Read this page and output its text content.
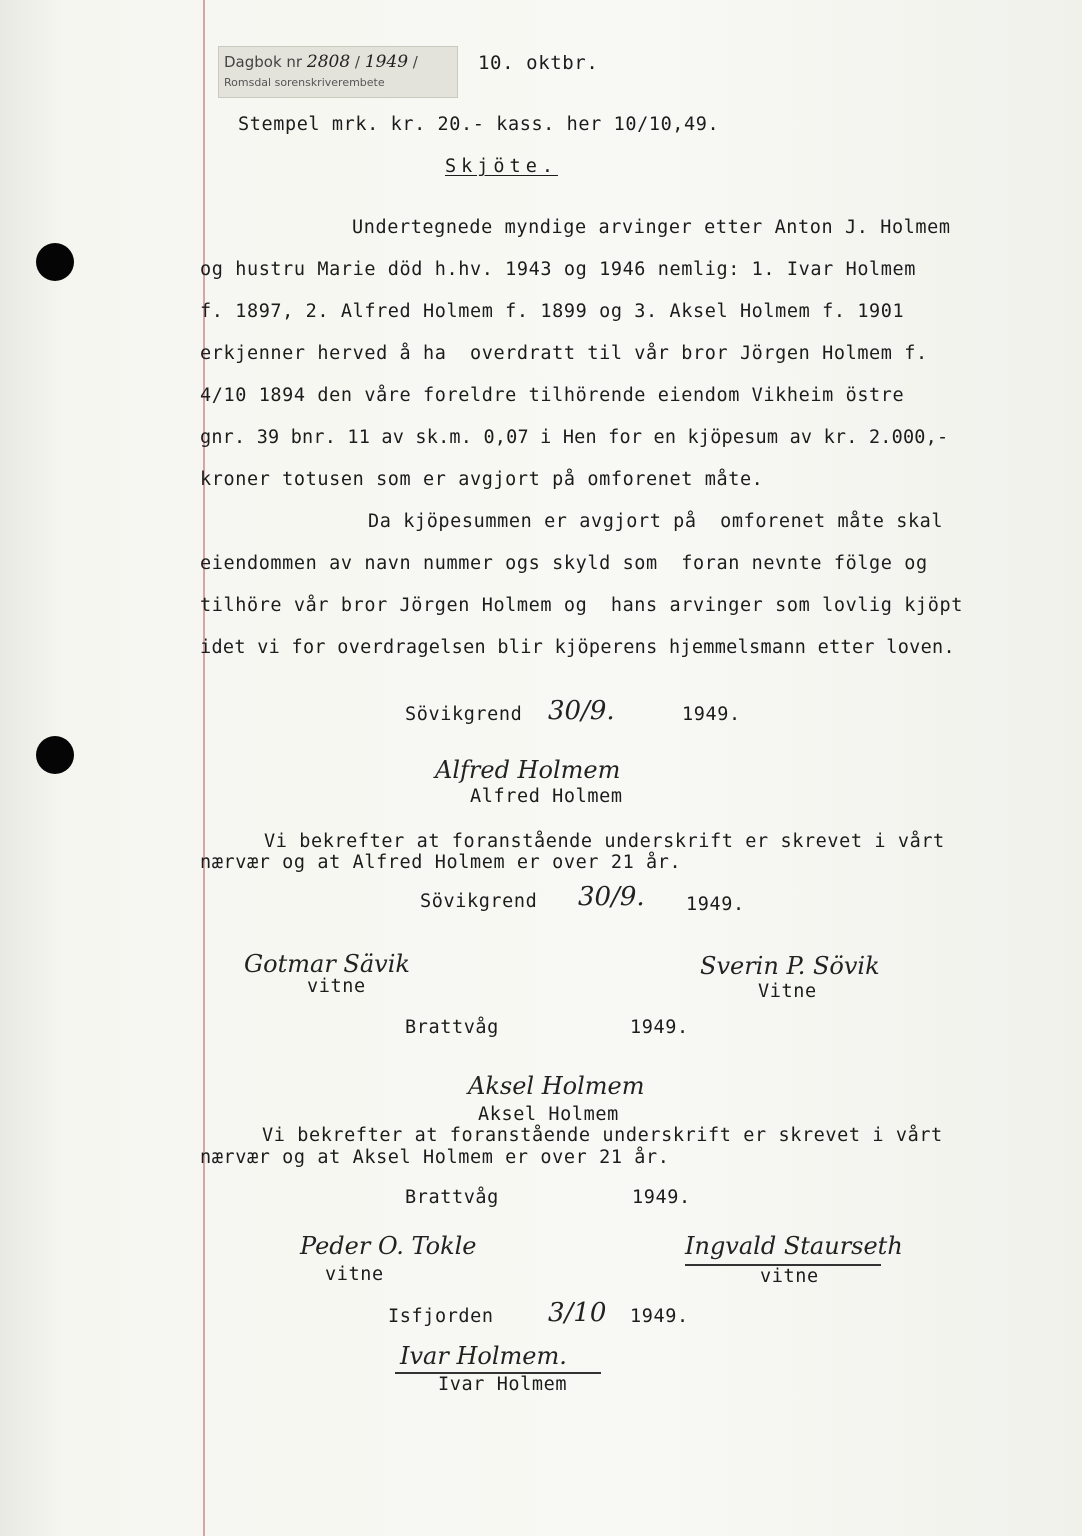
Dagbok nr 2808 / 1949 /
Romsdal sorenskriverembete
10. oktbr.
Stempel mrk. kr. 20.- kass. her 10/10,49.
Skjöte.
Undertegnede myndige arvinger etter Anton J. Holmem
og hustru Marie död h.hv. 1943 og 1946 nemlig: 1. Ivar Holmem
f. 1897, 2. Alfred Holmem f. 1899 og 3. Aksel Holmem f. 1901
erkjenner herved å ha  overdratt til vår bror Jörgen Holmem f.
4/10 1894 den våre foreldre tilhörende eiendom Vikheim östre
gnr. 39 bnr. 11 av sk.m. 0,07 i Hen for en kjöpesum av kr. 2.000,-
kroner totusen som er avgjort på omforenet måte.
Da kjöpesummen er avgjort på  omforenet måte skal
eiendommen av navn nummer ogs skyld som  foran nevnte fölge og
tilhöre vår bror Jörgen Holmem og  hans arvinger som lovlig kjöpt
idet vi for overdragelsen blir kjöperens hjemmelsmann etter loven.
Sövikgrend 30/9.	1949.
Alfred Holmem
Alfred Holmem
Vi bekrefter at foranstående underskrift er skrevet i vårt
nærvær og at Alfred Holmem er over 21 år.
Sövikgrend 30/9. 1949.
Gotmar Sävik
vitne
Sverin P. Sövik
Vitne
Brattvåg	1949.
Aksel Holmem
Aksel Holmem
Vi bekrefter at foranstående underskrift er skrevet i vårt
nærvær og at Aksel Holmem er over 21 år.
Brattvåg	1949.
Peder O. Tokle
vitne
Ingvald Staurseth
vitne
Isfjorden 3/10 1949.
Ivar Holmem.
Ivar Holmem
